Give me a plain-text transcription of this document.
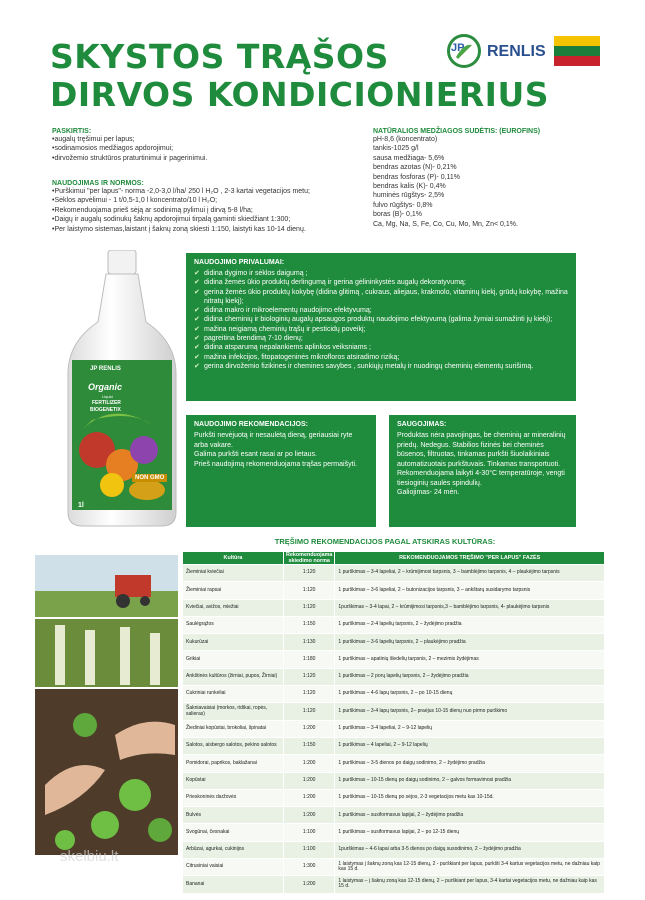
SKYSTOS TRĄŠOS
DIRVOS KONDICIONIERIUS
JP RENLIS
PASKIRTIS:
•augalų tręšimui per lapus;
•sodinamosios medžiagos apdorojimui;
•dirvožemio struktūros praturtinimui ir pagerinimui.
NAUDOJIMAS IR NORMOS:
•Purškimui "per lapus"- norma -2,0-3,0 l/ha/ 250 l H₂O , 2-3 kartai vegetacijos metu;
•Sėklos apvėlimui - 1 t/0,5-1,0 l koncentrato/10 l H₂O;
•Rekomenduojama prieš sėją ar sodinimą pylimui į dirvą 5-8 l/ha;
•Daigų ir augalų sodinukų šaknų apdorojimui tirpalą gaminti skiedžiant 1:300;
•Per laistymo sistemas,laistant į šaknų zoną skiesti 1:150, laistyti kas 10-14 dienų.
NATŪRALIOS MEDŽIAGOS SUDĖTIS: (EUROFINS)
pH-8,6 (koncentrato)
tankis-1025 g/l
sausa medžiaga- 5,6%
bendras azotas (N)- 0,21%
bendras fosforas (P)- 0,11%
bendras kalis (K)- 0,4%
huminės rūgštys- 2,5%
fulvo rūgštys- 0,8%
boras (B)- 0,1%
Ca, Mg, Na, S, Fe, Co, Cu, Mo, Mn, Zn< 0,1%.
JP RENLIS
Organic
Liquid
FERTILIZER
BIOGENETIX
NON GMO
1l
NAUDOJIMO PRIVALUMAI:
✔ didina dygimo ir sėklos daigumą ;
✔ didina žemės ūkio produktų derlingumą ir gerina gėlininkystės augalų dekoratyvumą;
✔ gerina žemės ūkio produktų kokybę (didina glitimą , cukraus, aliejaus, krakmolo, vitaminų kiekį, grūdų kokybę, mažina nitratų kiekį);
✔ didina makro ir mikroelementų naudojimo efektyvumą;
✔ didina cheminių ir biologinių augalų apsaugos produktų naudojimo efektyvumą (galima žymiai sumažinti jų kiekį);
✔ mažina neigiamą cheminių trąšų ir pesticidų poveikį;
✔ pagreitina brendimą 7-10 dienų;
✔ didina atsparumą nepalankiems aplinkos veiksniams ;
✔ mažina infekcijos, fitopatogeninės mikrofloros atsiradimo riziką;
✔ gerina dirvožemio fizikines ir chemines savybes , sunkiųjų metalų ir nuodingų cheminių elementų surišimą.
NAUDOJIMO REKOMENDACIJOS:
Purkšti nevėjuotą ir nesaulėtą dieną, geriausiai ryte arba vakare.
Galima purkšti esant rasai ar po lietaus.
Prieš naudojimą rekomenduojama trąšas permaišyti.
SAUGOJIMAS:
Produktas nėra pavojingas, be cheminių ar mineralinių priedų. Nedegus. Stabilios fizinės bei cheminės būsenos, filtruotas, tinkamas purkšti šiuolaikiniais automatizuotais purkštuvais. Tinkamas transportuoti.
Rekomenduojama laikyti 4-30°C temperatūroje, vengti tiesioginių saulės spindulių.
Galiojimas- 24 mėn.
TRĘŠIMO REKOMENDACIJOS PAGAL ATSKIRAS KULTŪRAS:
Kultūra	Rekomenduojama skiedimo norma	REKOMENDUOJAMOS TRĘŠIMO "PER LAPUS" FAZĖS
Žieminiai kviečiai	1:120	1 purškimas – 3-4 lapeliai, 2 – krūmijimosi tarpsnis, 3 – bamblėjimo tarpsnis, 4 – plaukėjimo tarpsnis
Žieminiai rapsai	1:120	1 purškimas – 3-6 lapeliai, 2 – butonizacijos tarpsnis, 3 – ankštarų susidarymo tarpsnis
Kviečiai, avižos, miežiai	1:120	1purškimas – 3-4 lapai, 2 – krūmijimosi tarpsnis,3 – bamblėjimo tarpsnis, 4- plaukėjimo tarpsnis
Saulėgrąžos	1:150	1 purškimas – 2-4 lapelių tarpsnis, 2 – žydėjimo pradžia
Kukurūzai	1:130	1 purškimas – 3-6 lapelių tarpsnis, 2 – plaukėjimo pradžia
Grikiai	1:180	1 purškimas – apatinių šledelių tarpsnis, 2 – mezimis žydėjimas
Ankštinės kultūros (žirniai, pupos, Žirniai)	1:120	1 purškimas – 2 porų lapelių tarpsnis, 2 – žydėjimo pradžia
Cukriniai runkeliai	1:120	1 purškimas – 4-6 lapų tarpsnis, 2 – po 10-15 dienų
Šakniavaisiai (morkos, ridikai, ropės, salieras)	1:120	1 purškimas – 3-4 lapų tarpsnis, 2– praėjus 10-15 dienų nuo pirmo purškimo
Žiediniai kopūstai, brokoliai, špinatai	1:200	1 purškimas – 3-4 lapeliai, 2 – 9-12 lapelių
Salotos, aisbergo salotos, pekino salotos	1:150	1 purškimas – 4 lapeliai, 2 – 9-12 lapelių
Pomidorai, paprikos, baklažanai	1:200	1 purškimas – 3-5 dienos po daigų sodinimo, 2 – žydėjimo pradžia
Kopūstai	1:200	1 purškimas – 10-15 dienų po daigų sodinimo, 2 – galvos formavimosi pradžia
Prieskoninės daržovės	1:200	1 purškimas – 10-15 dienų po sėjos, 2-3 vegetacijos metu kas 10-15d.
Bulvės	1:200	1 purškimas – susiformavus lapijai, 2 – žydėjimo pradžia
Svogūnai, česnakai	1:100	1 purškimas – susiformavus lapijai, 2 – po 12-15 dienų
Arbūzai, agurkai, cukinijos	1:100	1purškimas – 4-6 lapai arba 3-5 dienos po daigų susodinimo, 2 – žydėjimo pradžia
Citrusiniai vaisiai	1:300	1 laistymas į šaknų zoną kas 12-15 dienų, 2 - purškiant per lapus, purkšti 3-4 kartus vegetacijos metu, ne dažniau kaip kas 15 d.
Bananai	1:200	1 laistymas – į šaknų zoną kas 12-15 dienų, 2 – purškiant per lapus, 3-4 kartai vegetacijos metu, ne dažniau kaip kas 15 d.
skelbiu.lt
